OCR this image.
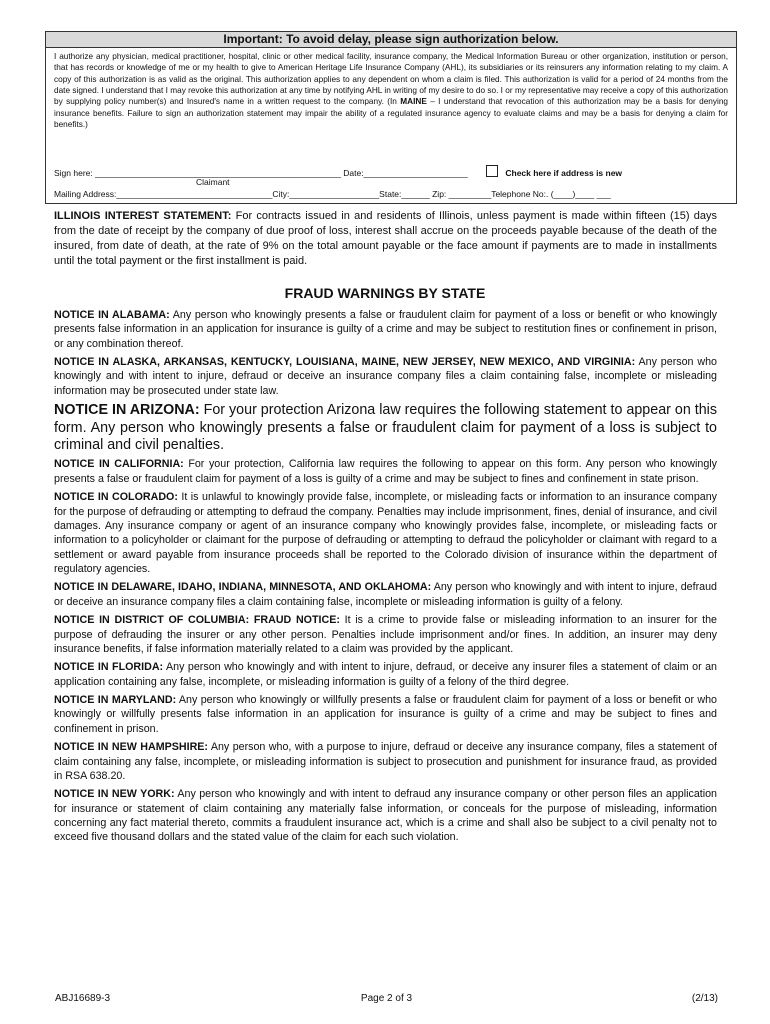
Important: To avoid delay, please sign authorization below.
I authorize any physician, medical practitioner, hospital, clinic or other medical facility, insurance company, the Medical Information Bureau or other organization, institution or person, that has records or knowledge of me or my health to give to American Heritage Life Insurance Company (AHL), its subsidiaries or its reinsurers any information relating to my claim. A copy of this authorization is as valid as the original. This authorization applies to any dependent on whom a claim is filed. This authorization is valid for a period of 24 months from the date signed. I understand that I may revoke this authorization at any time by notifying AHL in writing of my desire to do so. I or my representative may receive a copy of this authorization by supplying policy number(s) and Insured's name in a written request to the company. (In MAINE – I understand that revocation of this authorization may be a basis for denying insurance benefits. Failure to sign an authorization statement may impair the ability of a regulated insurance agency to evaluate claims and may be a basis for denying a claim for benefits.)
Sign here: ____________________________________________________ Date:______________________	Check here if address is new
Claimant
Mailing Address:_________________________________City:___________________State:______ Zip: _________Telephone No:. (____)____ ___
ILLINOIS INTEREST STATEMENT: For contracts issued in and residents of Illinois, unless payment is made within fifteen (15) days from the date of receipt by the company of due proof of loss, interest shall accrue on the proceeds payable because of the death of the insured, from date of death, at the rate of 9% on the total amount payable or the face amount if payments are to made in installments until the total payment or the first installment is paid.
FRAUD WARNINGS BY STATE

NOTICE IN ALABAMA: Any person who knowingly presents a false or fraudulent claim for payment of a loss or benefit or who knowingly presents false information in an application for insurance is guilty of a crime and may be subject to restitution fines or confinement in prison, or any combination thereof.

NOTICE IN ALASKA, ARKANSAS, KENTUCKY, LOUISIANA, MAINE, NEW JERSEY, NEW MEXICO, AND VIRGINIA: Any person who knowingly and with intent to injure, defraud or deceive an insurance company files a claim containing false, incomplete or misleading information may be prosecuted under state law.

NOTICE IN ARIZONA: For your protection Arizona law requires the following statement to appear on this form. Any person who knowingly presents a false or fraudulent claim for payment of a loss is subject to criminal and civil penalties.

NOTICE IN CALIFORNIA: For your protection, California law requires the following to appear on this form. Any person who knowingly presents a false or fraudulent claim for payment of a loss is guilty of a crime and may be subject to fines and confinement in state prison.

NOTICE IN COLORADO: It is unlawful to knowingly provide false, incomplete, or misleading facts or information to an insurance company for the purpose of defrauding or attempting to defraud the company. Penalties may include imprisonment, fines, denial of insurance, and civil damages. Any insurance company or agent of an insurance company who knowingly provides false, incomplete, or misleading facts or information to a policyholder or claimant for the purpose of defrauding or attempting to defraud the policyholder or claimant with regard to a settlement or award payable from insurance proceeds shall be reported to the Colorado division of insurance within the department of regulatory agencies.

NOTICE IN DELAWARE, IDAHO, INDIANA, MINNESOTA, AND OKLAHOMA: Any person who knowingly and with intent to injure, defraud or deceive an insurance company files a claim containing false, incomplete or misleading information is guilty of a felony.

NOTICE IN DISTRICT OF COLUMBIA: FRAUD NOTICE: It is a crime to provide false or misleading information to an insurer for the purpose of defrauding the insurer or any other person. Penalties include imprisonment and/or fines. In addition, an insurer may deny insurance benefits, if false information materially related to a claim was provided by the applicant.

NOTICE IN FLORIDA: Any person who knowingly and with intent to injure, defraud, or deceive any insurer files a statement of claim or an application containing any false, incomplete, or misleading information is guilty of a felony of the third degree.

NOTICE IN MARYLAND: Any person who knowingly or willfully presents a false or fraudulent claim for payment of a loss or benefit or who knowingly or willfully presents false information in an application for insurance is guilty of a crime and may be subject to fines and confinement in prison.

NOTICE IN NEW HAMPSHIRE: Any person who, with a purpose to injure, defraud or deceive any insurance company, files a statement of claim containing any false, incomplete, or misleading information is subject to prosecution and punishment for insurance fraud, as provided in RSA 638.20.

NOTICE IN NEW YORK: Any person who knowingly and with intent to defraud any insurance company or other person files an application for insurance or statement of claim containing any materially false information, or conceals for the purpose of misleading, information concerning any fact material thereto, commits a fraudulent insurance act, which is a crime and shall also be subject to a civil penalty not to exceed five thousand dollars and the stated value of the claim for each such violation.

ABJ16689-3	Page 2 of 3	(2/13)
